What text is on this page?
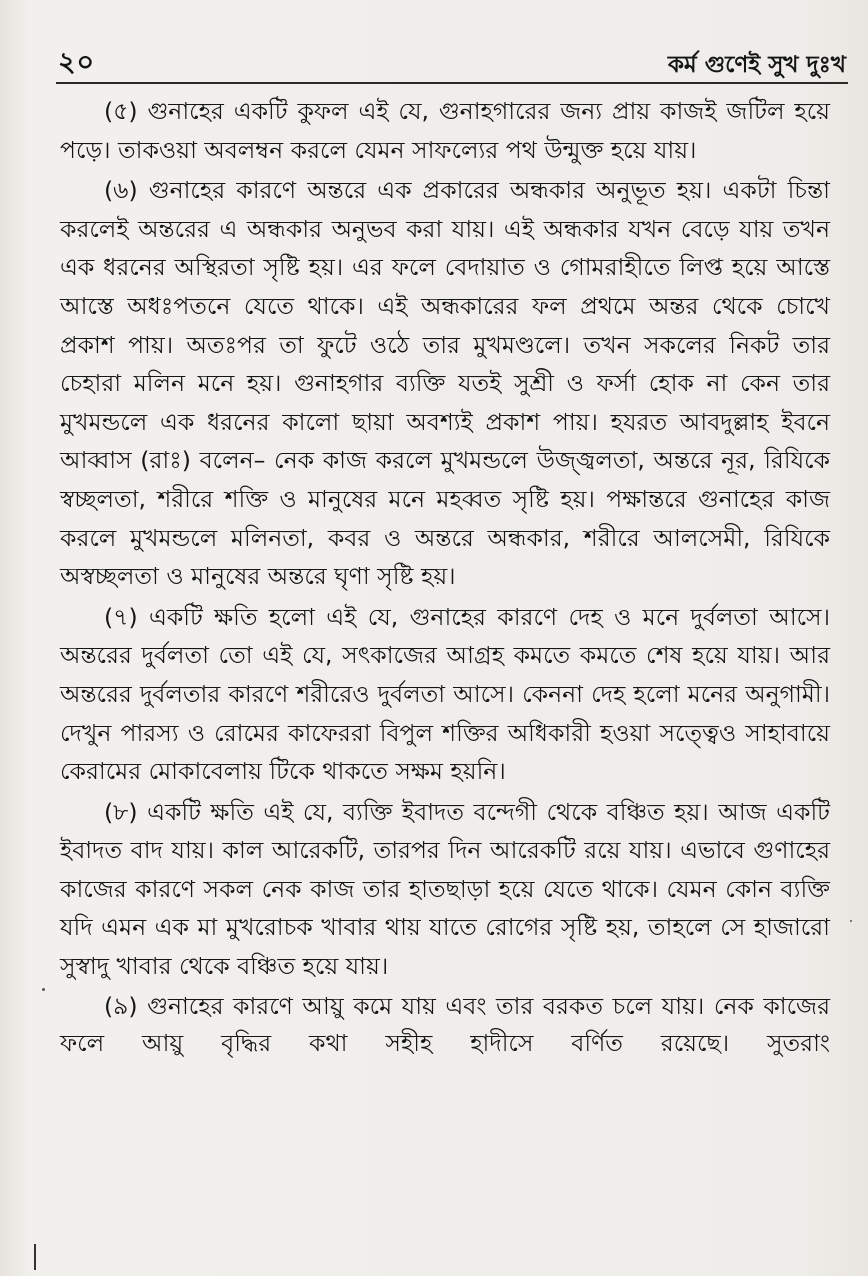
২০	কর্ম গুণেই সুখ দুঃখ

(৫) গুনাহের একটি কুফল এই যে, গুনাহগারের জন্য প্রায় কাজই জটিল হয়ে পড়ে। তাকওয়া অবলম্বন করলে যেমন সাফল্যের পথ উন্মুক্ত হয়ে যায়।

(৬) গুনাহের কারণে অন্তরে এক প্রকারের অন্ধকার অনুভূত হয়। একটা চিন্তা করলেই অন্তরের এ অন্ধকার অনুভব করা যায়। এই অন্ধকার যখন বেড়ে যায় তখন এক ধরনের অস্থিরতা সৃষ্টি হয়। এর ফলে বেদায়াত ও গোমরাহীতে লিপ্ত হয়ে আস্তে আস্তে অধঃপতনে যেতে থাকে। এই অন্ধকারের ফল প্রথমে অন্তর থেকে চোখে প্রকাশ পায়। অতঃপর তা ফুটে ওঠে তার মুখমণ্ডলে। তখন সকলের নিকট তার চেহারা মলিন মনে হয়। গুনাহগার ব্যক্তি যতই সুশ্রী ও ফর্সা হোক না কেন তার মুখমন্ডলে এক ধরনের কালো ছায়া অবশ্যই প্রকাশ পায়। হযরত আবদুল্লাহ ইবনে আব্বাস (রাঃ) বলেন– নেক কাজ করলে মুখমন্ডলে উজ্জ্বলতা, অন্তরে নূর, রিযিকে স্বচ্ছলতা, শরীরে শক্তি ও মানুষের মনে মহব্বত সৃষ্টি হয়। পক্ষান্তরে গুনাহের কাজ করলে মুখমন্ডলে মলিনতা, কবর ও অন্তরে অন্ধকার, শরীরে আলসেমী, রিযিকে অস্বচ্ছলতা ও মানুষের অন্তরে ঘৃণা সৃষ্টি হয়।

(৭) একটি ক্ষতি হলো এই যে, গুনাহের কারণে দেহ ও মনে দুর্বলতা আসে। অন্তরের দুর্বলতা তো এই যে, সৎকাজের আগ্রহ কমতে কমতে শেষ হয়ে যায়। আর অন্তরের দুর্বলতার কারণে শরীরেও দুর্বলতা আসে। কেননা দেহ হলো মনের অনুগামী। দেখুন পারস্য ও রোমের কাফেররা বিপুল শক্তির অধিকারী হওয়া সত্ত্বেও সাহাবায়ে কেরামের মোকাবেলায় টিকে থাকতে সক্ষম হয়নি।

(৮) একটি ক্ষতি এই যে, ব্যক্তি ইবাদত বন্দেগী থেকে বঞ্চিত হয়। আজ একটি ইবাদত বাদ যায়। কাল আরেকটি, তারপর দিন আরেকটি রয়ে যায়। এভাবে গুণাহের কাজের কারণে সকল নেক কাজ তার হাতছাড়া হয়ে যেতে থাকে। যেমন কোন ব্যক্তি যদি এমন এক মা মুখরোচক খাবার থায় যাতে রোগের সৃষ্টি হয়, তাহলে সে হাজারো সুস্বাদু খাবার থেকে বঞ্চিত হয়ে যায়।

(৯) গুনাহের কারণে আয়ু কমে যায় এবং তার বরকত চলে যায়। নেক কাজের ফলে আয়ু বৃদ্ধির কথা সহীহ হাদীসে বর্ণিত রয়েছে। সুতরাং
